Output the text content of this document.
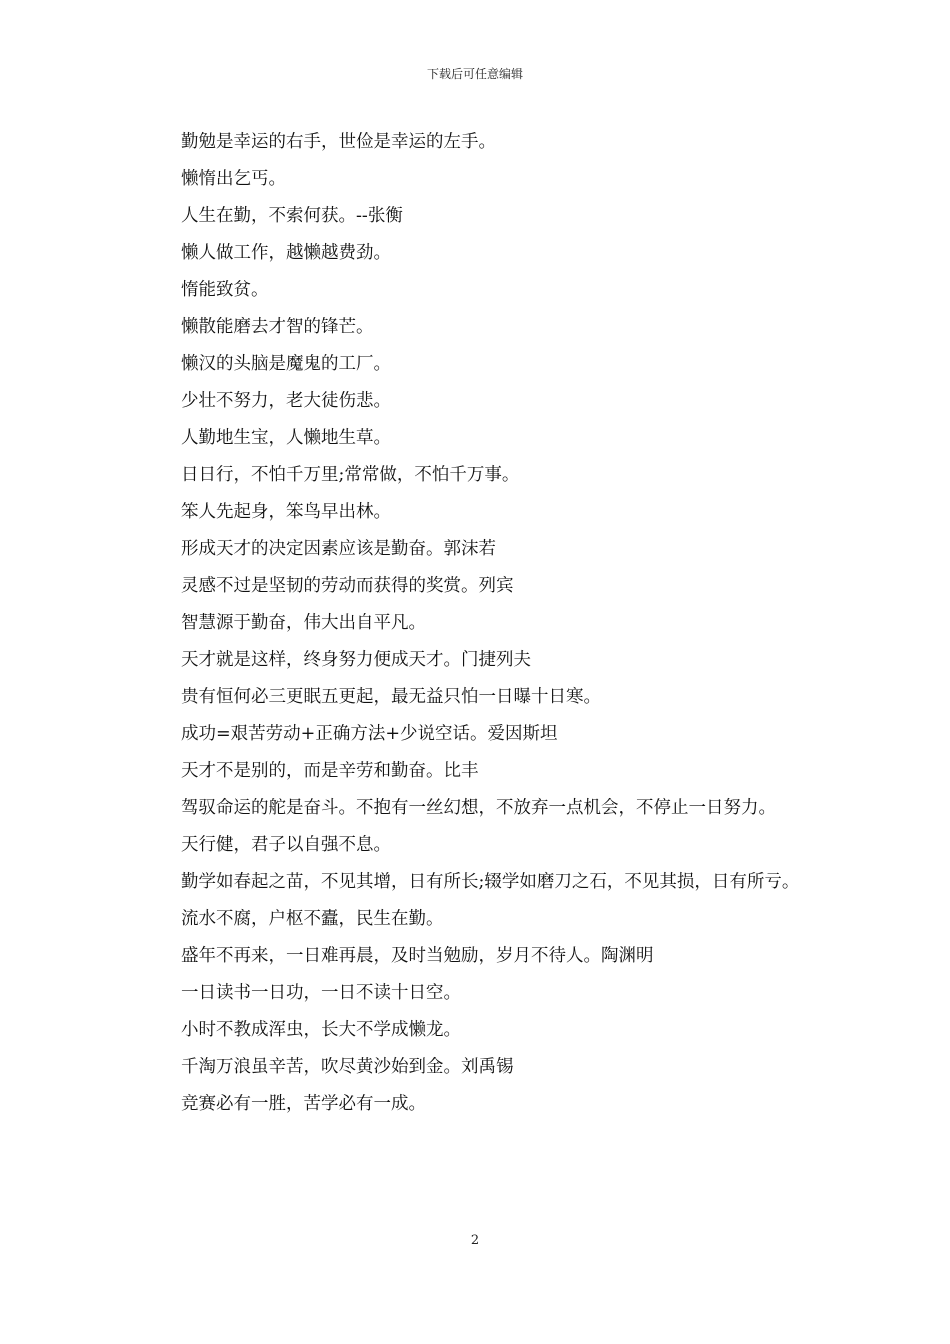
下载后可任意编辑

勤勉是幸运的右手，世俭是幸运的左手。

懒惰出乞丐。

人生在勤，不索何获。--张衡

懒人做工作，越懒越费劲。

惰能致贫。

懒散能磨去才智的锋芒。

懒汉的头脑是魔鬼的工厂。

少壮不努力，老大徒伤悲。

人勤地生宝，人懒地生草。

日日行，不怕千万里;常常做，不怕千万事。

笨人先起身，笨鸟早出林。

形成天才的决定因素应该是勤奋。郭沫若

灵感不过是坚韧的劳动而获得的奖赏。列宾

智慧源于勤奋，伟大出自平凡。

天才就是这样，终身努力便成天才。门捷列夫

贵有恒何必三更眠五更起，最无益只怕一日曝十日寒。

成功=艰苦劳动+正确方法+少说空话。爱因斯坦

天才不是别的，而是辛劳和勤奋。比丰

驾驭命运的舵是奋斗。不抱有一丝幻想，不放弃一点机会，不停止一日努力。

天行健，君子以自强不息。

勤学如春起之苗，不见其增，日有所长;辍学如磨刀之石，不见其损，日有所亏。

流水不腐，户枢不蠹，民生在勤。

盛年不再来，一日难再晨，及时当勉励，岁月不待人。陶渊明

一日读书一日功，一日不读十日空。

小时不教成浑虫，长大不学成懒龙。

千淘万浪虽辛苦，吹尽黄沙始到金。刘禹锡

竞赛必有一胜，苦学必有一成。

2
